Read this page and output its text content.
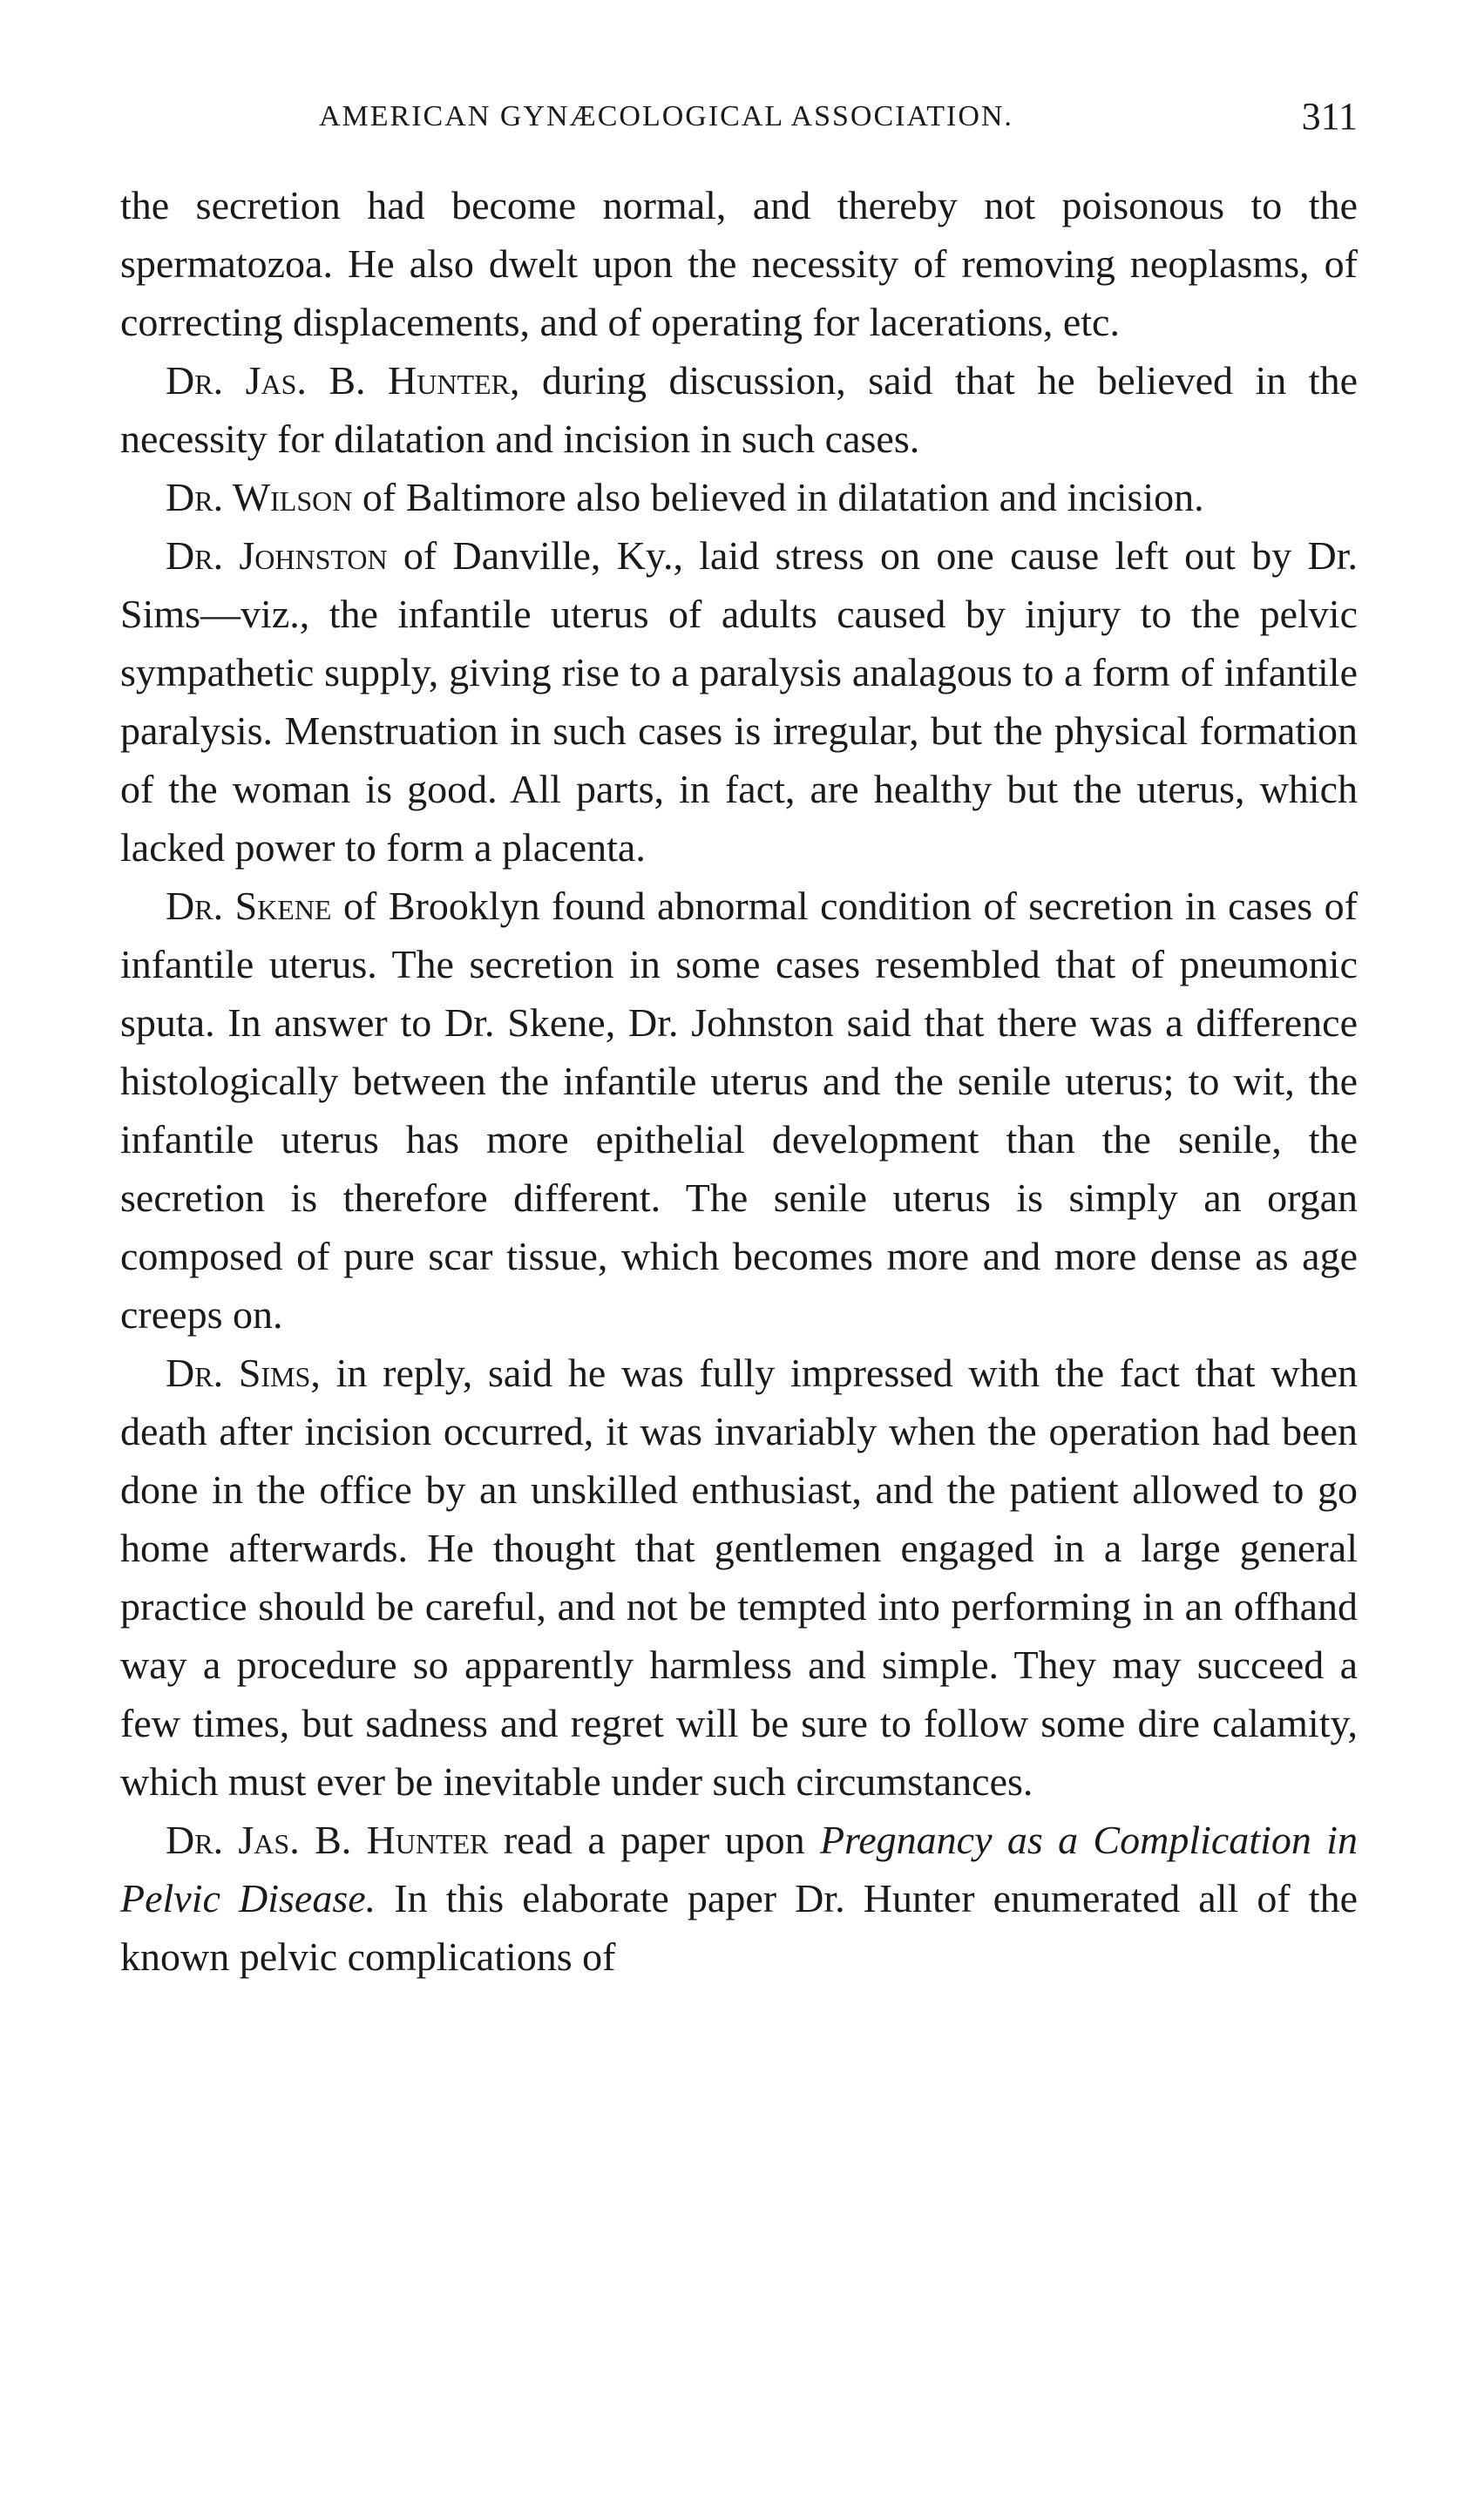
AMERICAN GYNÆCOLOGICAL ASSOCIATION.	311

the secretion had become normal, and thereby not poisonous to the spermatozoa. He also dwelt upon the necessity of removing neoplasms, of correcting displacements, and of operating for lacerations, etc.

Dr. Jas. B. Hunter, during discussion, said that he believed in the necessity for dilatation and incision in such cases.

Dr. Wilson of Baltimore also believed in dilatation and incision.

Dr. Johnston of Danville, Ky., laid stress on one cause left out by Dr. Sims—viz., the infantile uterus of adults caused by injury to the pelvic sympathetic supply, giving rise to a paralysis analagous to a form of infantile paralysis. Menstruation in such cases is irregular, but the physical formation of the woman is good. All parts, in fact, are healthy but the uterus, which lacked power to form a placenta.

Dr. Skene of Brooklyn found abnormal condition of secretion in cases of infantile uterus. The secretion in some cases resembled that of pneumonic sputa. In answer to Dr. Skene, Dr. Johnston said that there was a difference histologically between the infantile uterus and the senile uterus; to wit, the infantile uterus has more epithelial development than the senile, the secretion is therefore different. The senile uterus is simply an organ composed of pure scar tissue, which becomes more and more dense as age creeps on.

Dr. Sims, in reply, said he was fully impressed with the fact that when death after incision occurred, it was invariably when the operation had been done in the office by an unskilled enthusiast, and the patient allowed to go home afterwards. He thought that gentlemen engaged in a large general practice should be careful, and not be tempted into performing in an offhand way a procedure so apparently harmless and simple. They may succeed a few times, but sadness and regret will be sure to follow some dire calamity, which must ever be inevitable under such circumstances.

Dr. Jas. B. Hunter read a paper upon Pregnancy as a Complication in Pelvic Disease. In this elaborate paper Dr. Hunter enumerated all of the known pelvic complications of
